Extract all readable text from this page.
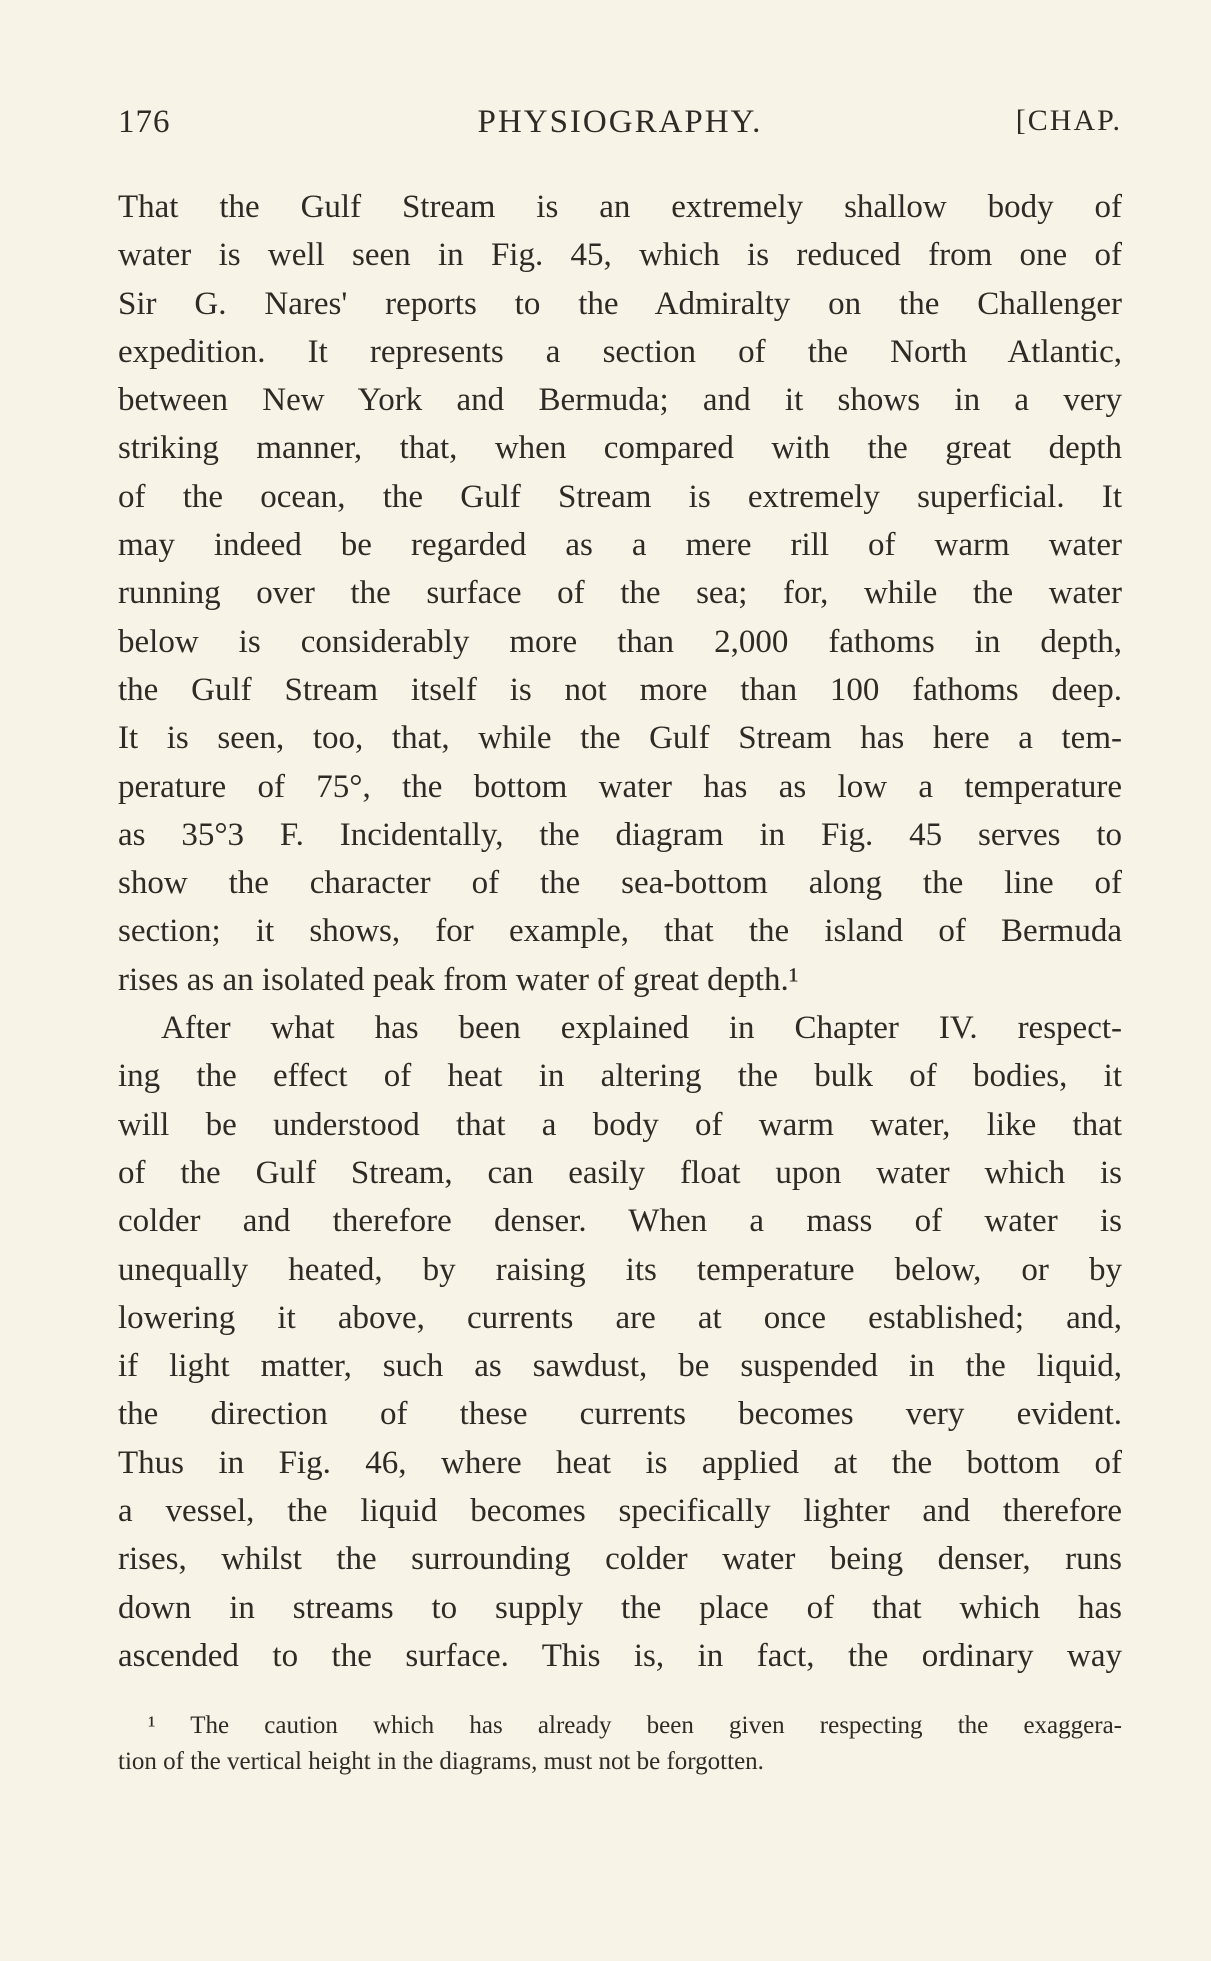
176	PHYSIOGRAPHY.	[CHAP.
That the Gulf Stream is an extremely shallow body of
water is well seen in Fig. 45, which is reduced from one of
Sir G. Nares' reports to the Admiralty on the Challenger
expedition. It represents a section of the North Atlantic,
between New York and Bermuda; and it shows in a very
striking manner, that, when compared with the great depth
of the ocean, the Gulf Stream is extremely superficial. It
may indeed be regarded as a mere rill of warm water
running over the surface of the sea; for, while the water
below is considerably more than 2,000 fathoms in depth,
the Gulf Stream itself is not more than 100 fathoms deep.
It is seen, too, that, while the Gulf Stream has here a tem-
perature of 75°, the bottom water has as low a temperature
as 35°3 F. Incidentally, the diagram in Fig. 45 serves to
show the character of the sea-bottom along the line of
section; it shows, for example, that the island of Bermuda
rises as an isolated peak from water of great depth.¹
After what has been explained in Chapter IV. respect-
ing the effect of heat in altering the bulk of bodies, it
will be understood that a body of warm water, like that
of the Gulf Stream, can easily float upon water which is
colder and therefore denser. When a mass of water is
unequally heated, by raising its temperature below, or by
lowering it above, currents are at once established; and,
if light matter, such as sawdust, be suspended in the liquid,
the direction of these currents becomes very evident.
Thus in Fig. 46, where heat is applied at the bottom of
a vessel, the liquid becomes specifically lighter and therefore
rises, whilst the surrounding colder water being denser, runs
down in streams to supply the place of that which has
ascended to the surface. This is, in fact, the ordinary way
¹ The caution which has already been given respecting the exaggera-
tion of the vertical height in the diagrams, must not be forgotten.
